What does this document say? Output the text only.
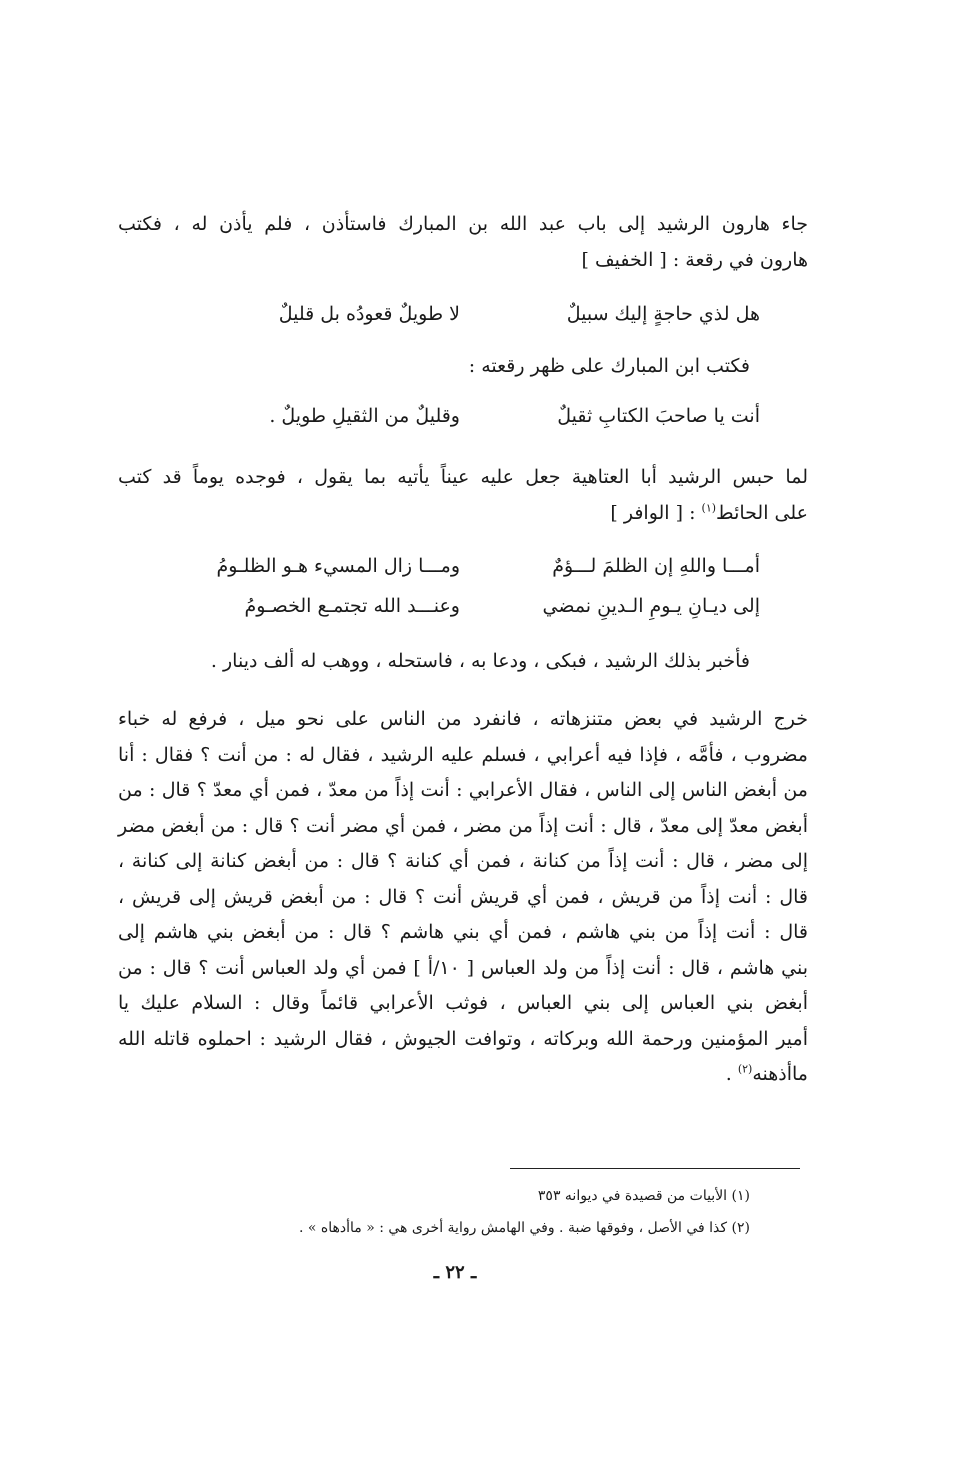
جاء هارون الرشيد إلى باب عبد الله بن المبارك فاستأذن ، فلم يأذن له ، فكتب
هارون في رقعة : [ الخفيف ]
هل لذي حاجةٍ إليك سبيلٌ
لا طويلٌ قعودُه بل قليلٌ
فكتب ابن المبارك على ظهر رقعته :
أنت يا صاحبَ الكتابِ ثقيلٌ
وقليلٌ من الثقيلِ طويلٌ .
لما حبس الرشيد أبا العتاهية جعل عليه عيناً يأتيه بما يقول ، فوجده يوماً قد كتب
على الحائط$^{(١)}$ : [ الوافر ]
أمـــا واللهِ إن الظلمَ لـــؤمٌ
ومـــا زال المسيء هـو الظلـومُ
إلى ديـانِ يـومِ الـدينِ نمضي
وعنـــد الله تجتمـع الخصـومُ
فأخبر بذلك الرشيد ، فبكى ، ودعا به ، فاستحله ، ووهب له ألف دينار .
خرج الرشيد في بعض متنزهاته ، فانفرد من الناس على نحو ميل ، فرفع له خباء
مضروب ، فأمَّه ، فإذا فيه أعرابي ، فسلم عليه الرشيد ، فقال له : من أنت ؟ فقال : أنا
من أبغض الناس إلى الناس ، فقال الأعرابي : أنت إذاً من معدّ ، فمن أي معدّ ؟ قال : من
أبغض معدّ إلى معدّ ، قال : أنت إذاً من مضر ، فمن أي مضر أنت ؟ قال : من أبغض مضر
إلى مضر ، قال : أنت إذاً من كنانة ، فمن أي كنانة ؟ قال : من أبغض كنانة إلى كنانة ،
قال : أنت إذاً من قريش ، فمن أي قريش أنت ؟ قال : من أبغض قريش إلى قريش ،
قال : أنت إذاً من بني هاشم ، فمن أي بني هاشم ؟ قال : من أبغض بني هاشم إلى
بني هاشم ، قال : أنت إذاً من ولد العباس [ ١٠/أ ] فمن أي ولد العباس أنت ؟ قال : من
أبغض بني العباس إلى بني العباس ، فوثب الأعرابي قائماً وقال : السلام عليك يا
أمير المؤمنين ورحمة الله وبركاته ، وتوافت الجيوش ، فقال الرشيد : احملوه قاتله الله
ماأذهنه$^{(٢)}$ .
(١) الأبيات من قصيدة في ديوانه ٣٥٣
(٢) كذا في الأصل ، وفوقها ضبة . وفي الهامش رواية أخرى هي : « ماأدهاه » .
ـ ٢٢ ـ
